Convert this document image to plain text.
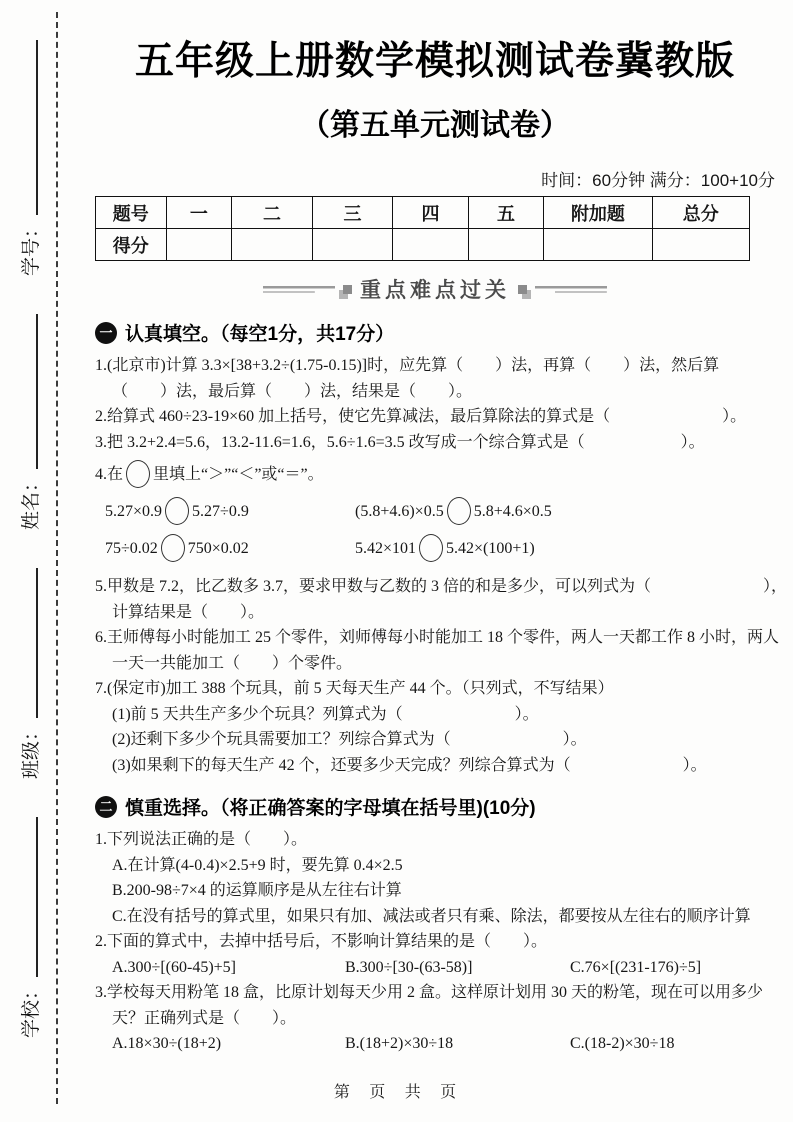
学校：
班级：
姓名：
学号：
五年级上册数学模拟测试卷冀教版
（第五单元测试卷）
时间：60分钟 满分：100+10分
题号	一	二	三	四	五	附加题	总分
得分							
重点难点过关
一 认真填空。（每空1分，共17分）

1.(北京市)计算 3.3×[38+3.2÷(1.75-0.15)]时，应先算（　　）法，再算（　　）法，然后算

（　　）法，最后算（　　）法，结果是（　　）。

2.给算式 460÷23-19×60 加上括号，使它先算减法，最后算除法的算式是（　　　　　　　）。

3.把 3.2+2.4=5.6，13.2-11.6=1.6，5.6÷1.6=3.5 改写成一个综合算式是（　　　　　　）。

4.在 里填上“＞”“＜”或“＝”。

5.27×0.9 5.27÷0.9	(5.8+4.6)×0.5 5.8+4.6×0.5
75÷0.02 750×0.02	5.42×101 5.42×(100+1)

5.甲数是 7.2，比乙数多 3.7，要求甲数与乙数的 3 倍的和是多少，可以列式为（　　　　　　　），

计算结果是（　　）。

6.王师傅每小时能加工 25 个零件，刘师傅每小时能加工 18 个零件，两人一天都工作 8 小时，两人

一天一共能加工（　　）个零件。

7.(保定市)加工 388 个玩具，前 5 天每天生产 44 个。（只列式，不写结果）

(1)前 5 天共生产多少个玩具？列算式为（　　　　　　　）。

(2)还剩下多少个玩具需要加工？列综合算式为（　　　　　　　）。

(3)如果剩下的每天生产 42 个，还要多少天完成？列综合算式为（　　　　　　　）。

二 慎重选择。（将正确答案的字母填在括号里)(10分)

1.下列说法正确的是（　　）。

A.在计算(4-0.4)×2.5+9 时，要先算 0.4×2.5

B.200-98÷7×4 的运算顺序是从左往右计算

C.在没有括号的算式里，如果只有加、减法或者只有乘、除法，都要按从左往右的顺序计算

2.下面的算式中，去掉中括号后，不影响计算结果的是（　　）。

A.300÷[(60-45)+5]	B.300÷[30-(63-58)]	C.76×[(231-176)÷5]

3.学校每天用粉笔 18 盒，比原计划每天少用 2 盒。这样原计划用 30 天的粉笔，现在可以用多少

天？正确列式是（　　）。

A.18×30÷(18+2)	B.(18+2)×30÷18	C.(18-2)×30÷18
第 页 共 页
